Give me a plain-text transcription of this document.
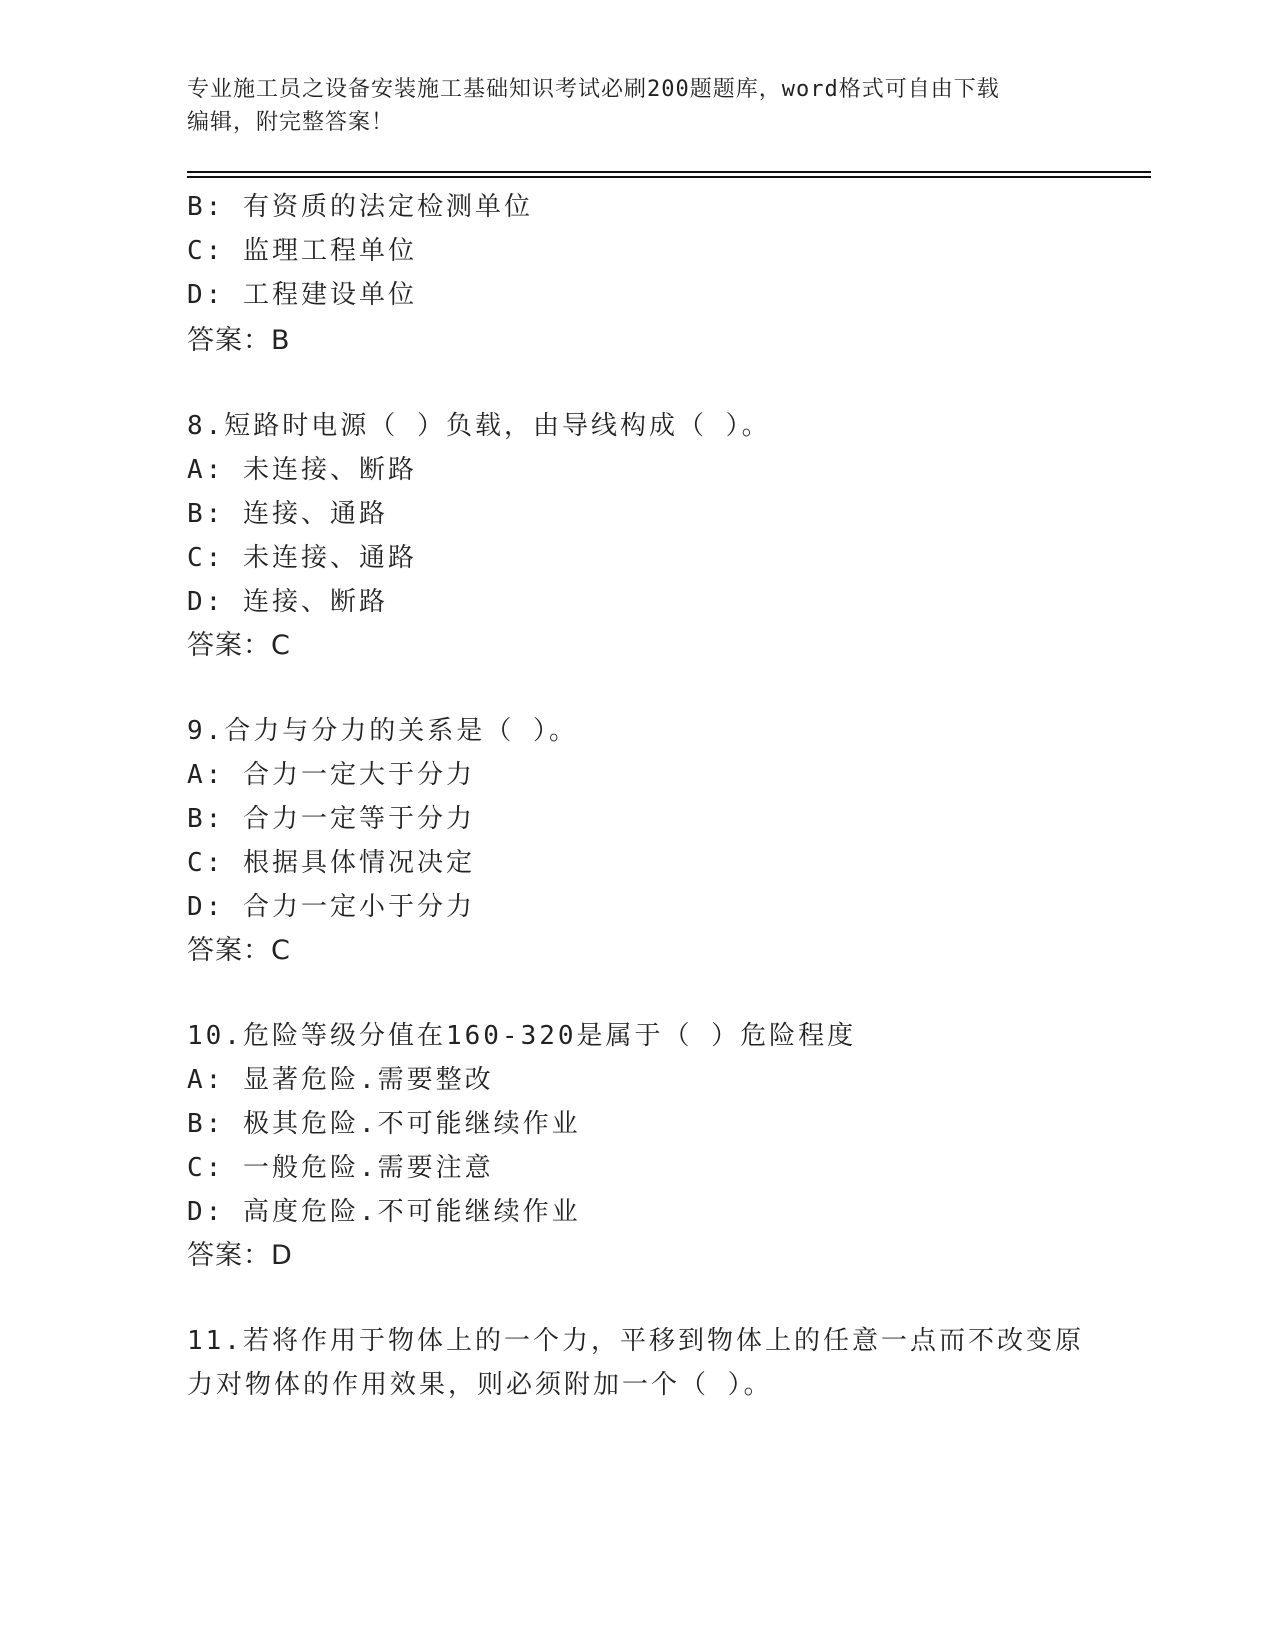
专业施工员之设备安装施工基础知识考试必刷200题题库，word格式可自由下载
编辑，附完整答案！
B: 有资质的法定检测单位
C: 监理工程单位
D: 工程建设单位
答案：B
8.短路时电源（ ）负载，由导线构成（ ）。
A: 未连接、断路
B: 连接、通路
C: 未连接、通路
D: 连接、断路
答案：C
9.合力与分力的关系是（ ）。
A: 合力一定大于分力
B: 合力一定等于分力
C: 根据具体情况决定
D: 合力一定小于分力
答案：C
10.危险等级分值在160-320是属于（ ）危险程度
A: 显著危险.需要整改
B: 极其危险.不可能继续作业
C: 一般危险.需要注意
D: 高度危险.不可能继续作业
答案：D
11.若将作用于物体上的一个力，平移到物体上的任意一点而不改变原
力对物体的作用效果，则必须附加一个（ ）。
